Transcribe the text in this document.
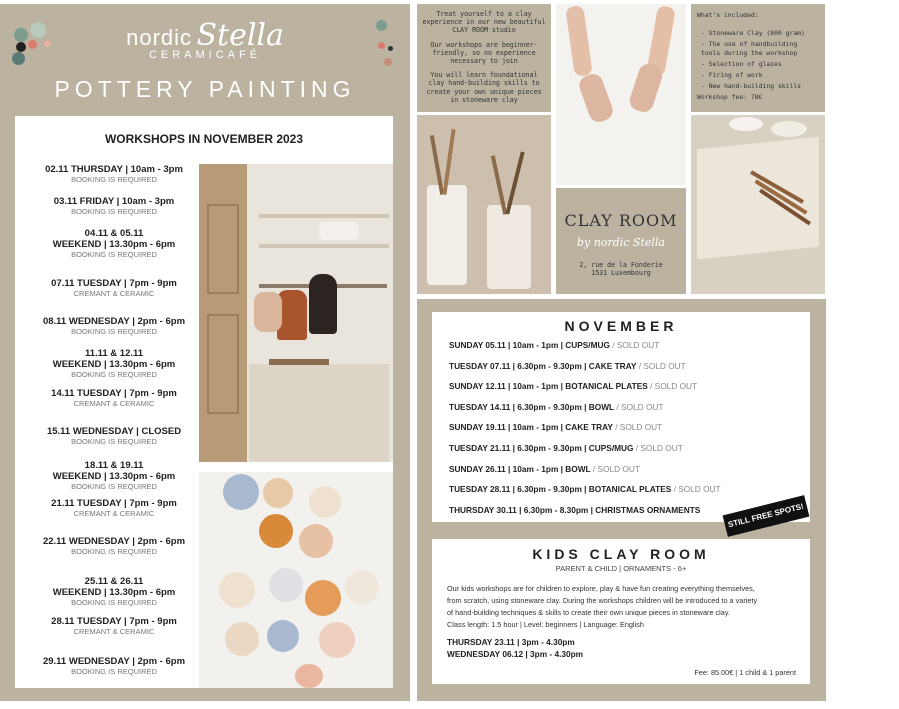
nordic Stella
CERAMICAFÉ
POTTERY PAINTING
WORKSHOPS IN NOVEMBER 2023
02.11 THURSDAY | 10am - 3pm
BOOKING IS REQUIRED
03.11 FRIDAY | 10am - 3pm
BOOKING IS REQUIRED
04.11 & 05.11
WEEKEND | 13.30pm - 6pm
BOOKING IS REQUIRED
07.11 TUESDAY | 7pm - 9pm
CREMANT & CERAMIC
08.11 WEDNESDAY | 2pm - 6pm
BOOKING IS REQUIRED
11.11 & 12.11
WEEKEND | 13.30pm - 6pm
BOOKING IS REQUIRED
14.11 TUESDAY | 7pm - 9pm
CREMANT & CERAMIC
15.11 WEDNESDAY | CLOSED
BOOKING IS REQUIRED
18.11 & 19.11
WEEKEND | 13.30pm - 6pm
BOOKING IS REQUIRED
21.11 TUESDAY | 7pm - 9pm
CREMANT & CERAMIC
22.11 WEDNESDAY | 2pm - 6pm
BOOKING IS REQUIRED
25.11 & 26.11
WEEKEND | 13.30pm - 6pm
BOOKING IS REQUIRED
28.11 TUESDAY | 7pm - 9pm
CREMANT & CERAMIC
29.11 WEDNESDAY | 2pm - 6pm
BOOKING IS REQUIRED

Treat yourself to a clay experience in our new beautiful CLAY ROOM studio

Our workshops are beginner-friendly, so no experience necessary to join

You will learn foundational clay hand-building skills to create your own unique pieces in stoneware clay

What's included:
- Stoneware Clay (800 gram)
- The use of handbuilding tools during the workshop
- Selection of glazes
- Firing of work
- New hand-building skills
Workshop fee: 78€
CLAY ROOM
by nordic Stella
2, rue de la Fonderie
1531 Luxembourg
NOVEMBER
SUNDAY 05.11 | 10am - 1pm | CUPS/MUG / SOLD OUT
TUESDAY 07.11 | 6.30pm - 9.30pm | CAKE TRAY / SOLD OUT
SUNDAY 12.11 | 10am - 1pm | BOTANICAL PLATES / SOLD OUT
TUESDAY 14.11 | 6.30pm - 9.30pm | BOWL / SOLD OUT
SUNDAY 19.11 | 10am - 1pm | CAKE TRAY / SOLD OUT
TUESDAY 21.11 | 6.30pm - 9.30pm | CUPS/MUG / SOLD OUT
SUNDAY 26.11 | 10am - 1pm | BOWL / SOLD OUT
TUESDAY 28.11 | 6.30pm - 9.30pm | BOTANICAL PLATES / SOLD OUT
THURSDAY 30.11 | 6.30pm - 8.30pm | CHRISTMAS ORNAMENTS	STILL FREE SPOTS!
KIDS CLAY ROOM
PARENT & CHILD | ORNAMENTS - 6+
Our kids workshops are for children to explore, play & have fun creating everything themselves,
from scratch, using stoneware clay. During the workshops children will be introduced to a variety
of hand-building techniques & skills to create their own unique pieces in stoneware clay.
Class length: 1.5 hour | Level: beginners | Language: English
THURSDAY 23.11 | 3pm - 4.30pm
WEDNESDAY 06.12 | 3pm - 4.30pm
Fee: 85.00€ | 1 child & 1 parent
